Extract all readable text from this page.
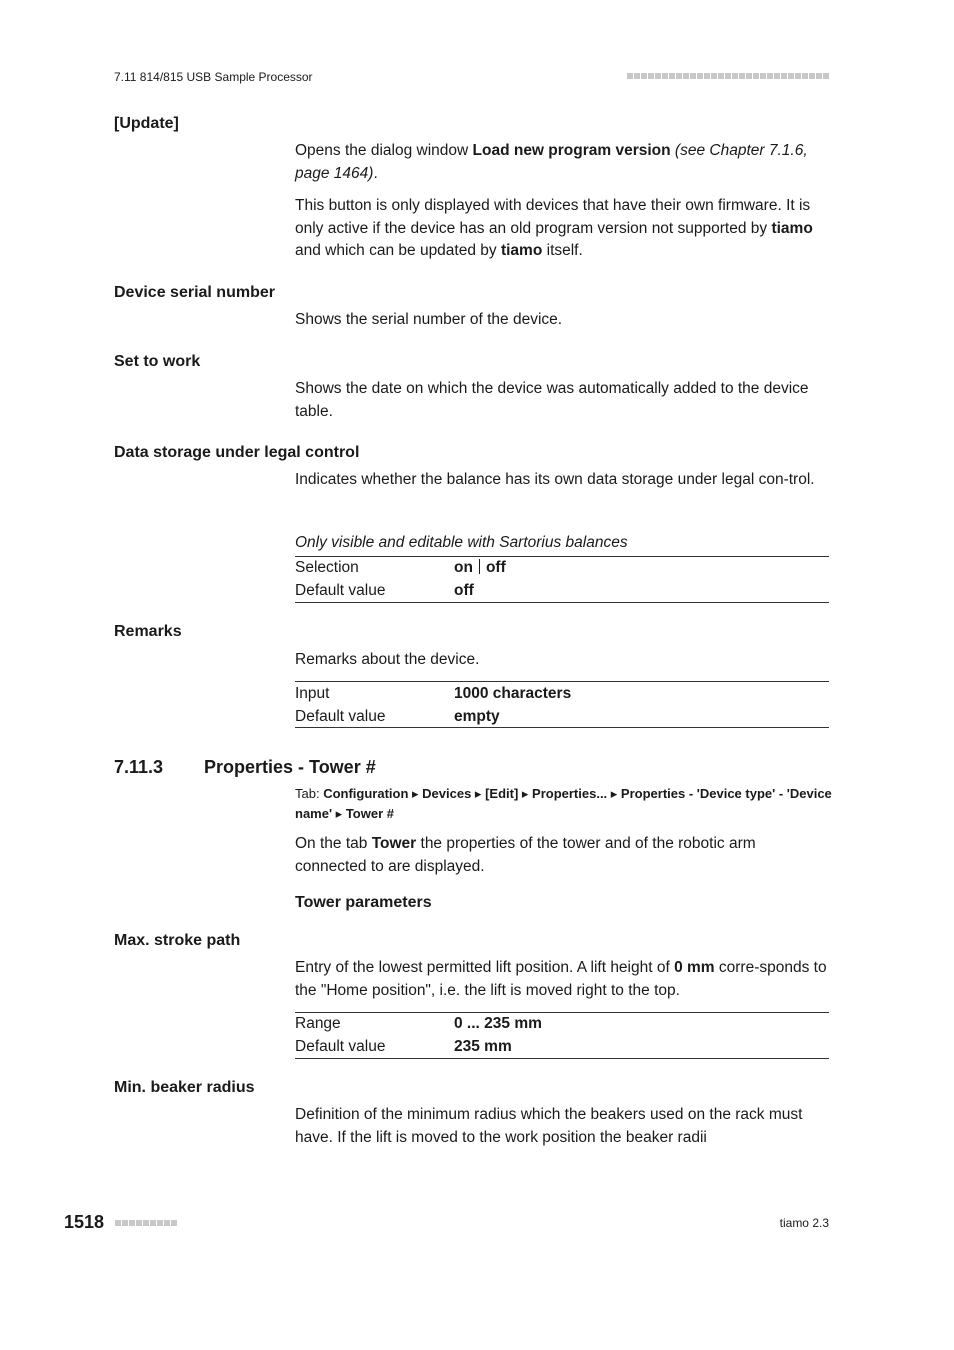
7.11 814/815 USB Sample Processor
[Update]
Opens the dialog window Load new program version (see Chapter 7.1.6, page 1464).
This button is only displayed with devices that have their own firmware. It is only active if the device has an old program version not supported by tiamo and which can be updated by tiamo itself.
Device serial number
Shows the serial number of the device.
Set to work
Shows the date on which the device was automatically added to the device table.
Data storage under legal control
Indicates whether the balance has its own data storage under legal con-trol.
Only visible and editable with Sartorius balances
Selection	on off
Default value	off
Remarks
Remarks about the device.
Input	1000 characters
Default value	empty
7.11.3 Properties - Tower #
Tab: Configuration ▸ Devices ▸ [Edit] ▸ Properties... ▸ Properties - 'Device type' - 'Device name' ▸ Tower #
On the tab Tower the properties of the tower and of the robotic arm connected to are displayed.
Tower parameters
Max. stroke path
Entry of the lowest permitted lift position. A lift height of 0 mm corre-sponds to the "Home position", i.e. the lift is moved right to the top.
Range	0 ... 235 mm
Default value	235 mm
Min. beaker radius
Definition of the minimum radius which the beakers used on the rack must have. If the lift is moved to the work position the beaker radii
1518	tiamo 2.3
